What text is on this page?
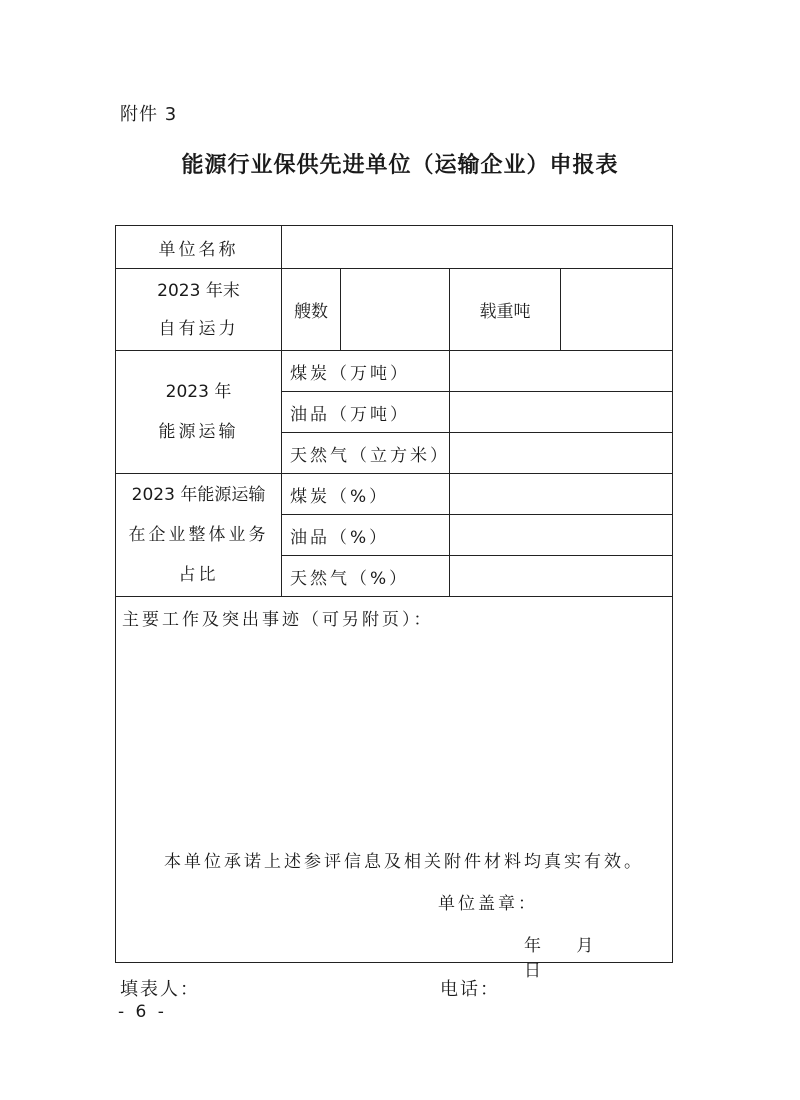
附件 3
能源行业保供先进单位（运输企业）申报表
单位名称				

2023 年末
自有运力	艘数		载重吨	

2023 年
能源运输	煤炭（万吨）			
	油品（万吨）			
	天然气（立方米）			

2023 年能源运输
在企业整体业务
占比	煤炭（%）			
	油品（%）			
	天然气（%）			

主要工作及突出事迹（可另附页）：
本单位承诺上述参评信息及相关附件材料均真实有效。
单位盖章：
年 月 日				
填表人：	电话：
- 6 -
